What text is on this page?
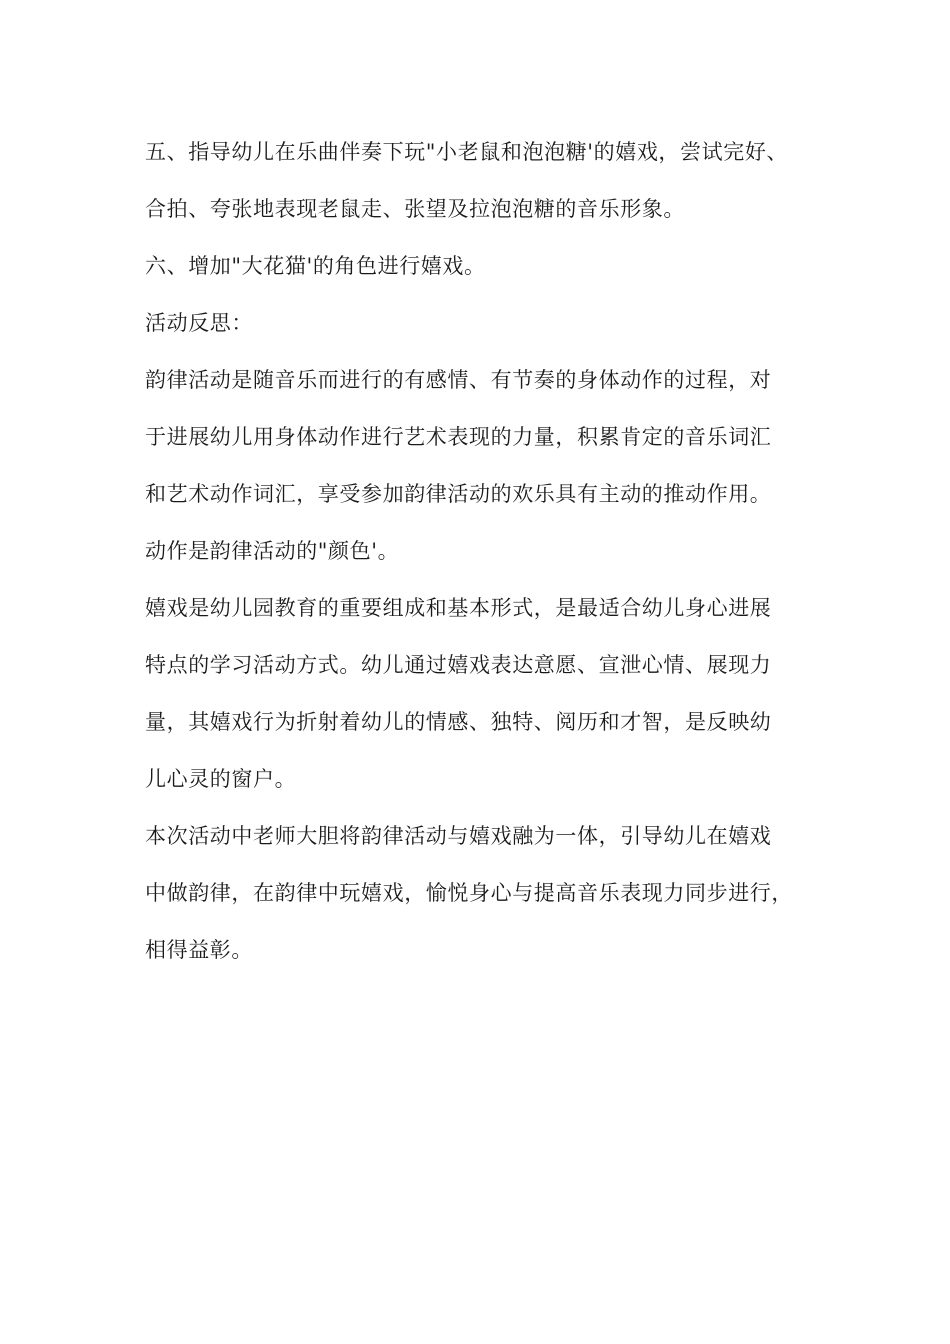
五、指导幼儿在乐曲伴奏下玩"小老鼠和泡泡糖'的嬉戏，尝试完好、
合拍、夸张地表现老鼠走、张望及拉泡泡糖的音乐形象。
六、增加"大花猫'的角色进行嬉戏。
活动反思：
韵律活动是随音乐而进行的有感情、有节奏的身体动作的过程，对
于进展幼儿用身体动作进行艺术表现的力量，积累肯定的音乐词汇
和艺术动作词汇，享受参加韵律活动的欢乐具有主动的推动作用。
动作是韵律活动的"颜色'。
嬉戏是幼儿园教育的重要组成和基本形式，是最适合幼儿身心进展
特点的学习活动方式。幼儿通过嬉戏表达意愿、宣泄心情、展现力
量，其嬉戏行为折射着幼儿的情感、独特、阅历和才智，是反映幼
儿心灵的窗户。
本次活动中老师大胆将韵律活动与嬉戏融为一体，引导幼儿在嬉戏
中做韵律，在韵律中玩嬉戏，愉悦身心与提高音乐表现力同步进行，
相得益彰。
